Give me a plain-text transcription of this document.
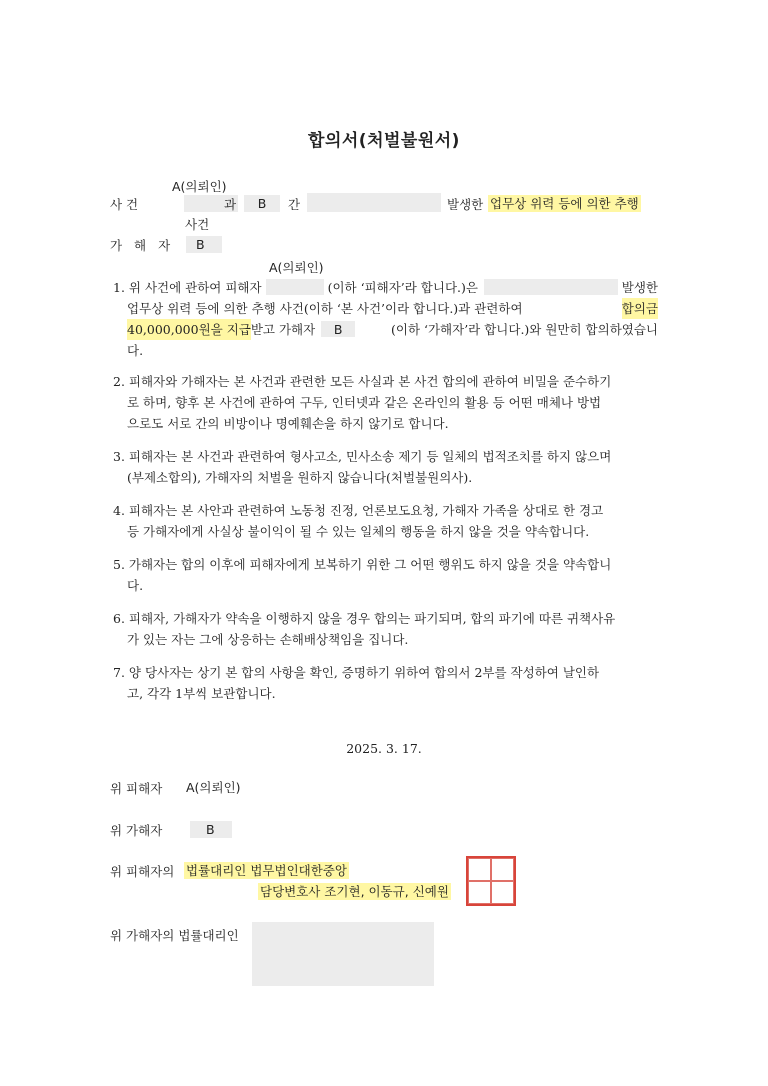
합의서(처벌불원서)
A(의뢰인)
사 건	과	B	간	발생한 업무상 위력 등에 의한 추행
사건
가 해 자	B
A(의뢰인)
1. 위 사건에 관하여 피해자	(이하 ‘피해자’라 합니다.)은	발생한
업무상 위력 등에 의한 추행 사건(이하 ‘본 사건’이라 합니다.)과 관련하여	합의금
40,000,000원을 지급 받고 가해자	B	(이하 ‘가해자’라 합니다.)와 원만히 합의하였습니
다.
2. 피해자와 가해자는 본 사건과 관련한 모든 사실과 본 사건 합의에 관하여 비밀을 준수하기
로 하며, 향후 본 사건에 관하여 구두, 인터넷과 같은 온라인의 활용 등 어떤 매체나 방법
으로도 서로 간의 비방이나 명예훼손을 하지 않기로 합니다.
3. 피해자는 본 사건과 관련하여 형사고소, 민사소송 제기 등 일체의 법적조치를 하지 않으며
(부제소합의), 가해자의 처벌을 원하지 않습니다(처벌불원의사).
4. 피해자는 본 사안과 관련하여 노동청 진정, 언론보도요청, 가해자 가족을 상대로 한 경고
등 가해자에게 사실상 불이익이 될 수 있는 일체의 행동을 하지 않을 것을 약속합니다.
5. 가해자는 합의 이후에 피해자에게 보복하기 위한 그 어떤 행위도 하지 않을 것을 약속합니
다.
6. 피해자, 가해자가 약속을 이행하지 않을 경우 합의는 파기되며, 합의 파기에 따른 귀책사유
가 있는 자는 그에 상응하는 손해배상책임을 집니다.
7. 양 당사자는 상기 본 합의 사항을 확인, 증명하기 위하여 합의서 2부를 작성하여 날인하
고, 각각 1부씩 보관합니다.
2025. 3. 17.
위 피해자 A(의뢰인)
위 가해자	B
위 피해자의 법률대리인 법무법인대한중앙
담당변호사 조기현, 이동규, 신예원
위 가해자의 법률대리인
